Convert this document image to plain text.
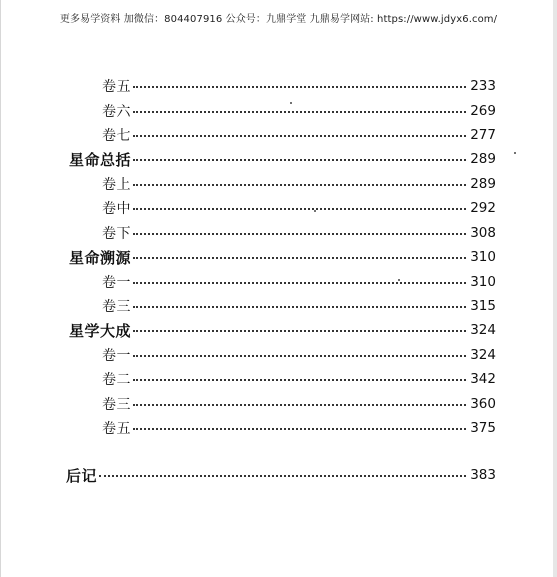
更多易学资料 加微信：804407916 公众号：九鼎学堂 九鼎易学网站: https://www.jdyx6.com/
卷五	233
卷六	269
卷七	277
星命总括	289
卷上	289
卷中	292
卷下	308
星命溯源	310
卷一	310
卷三	315
星学大成	324
卷一	324
卷二	342
卷三	360
卷五	375
后记	383
